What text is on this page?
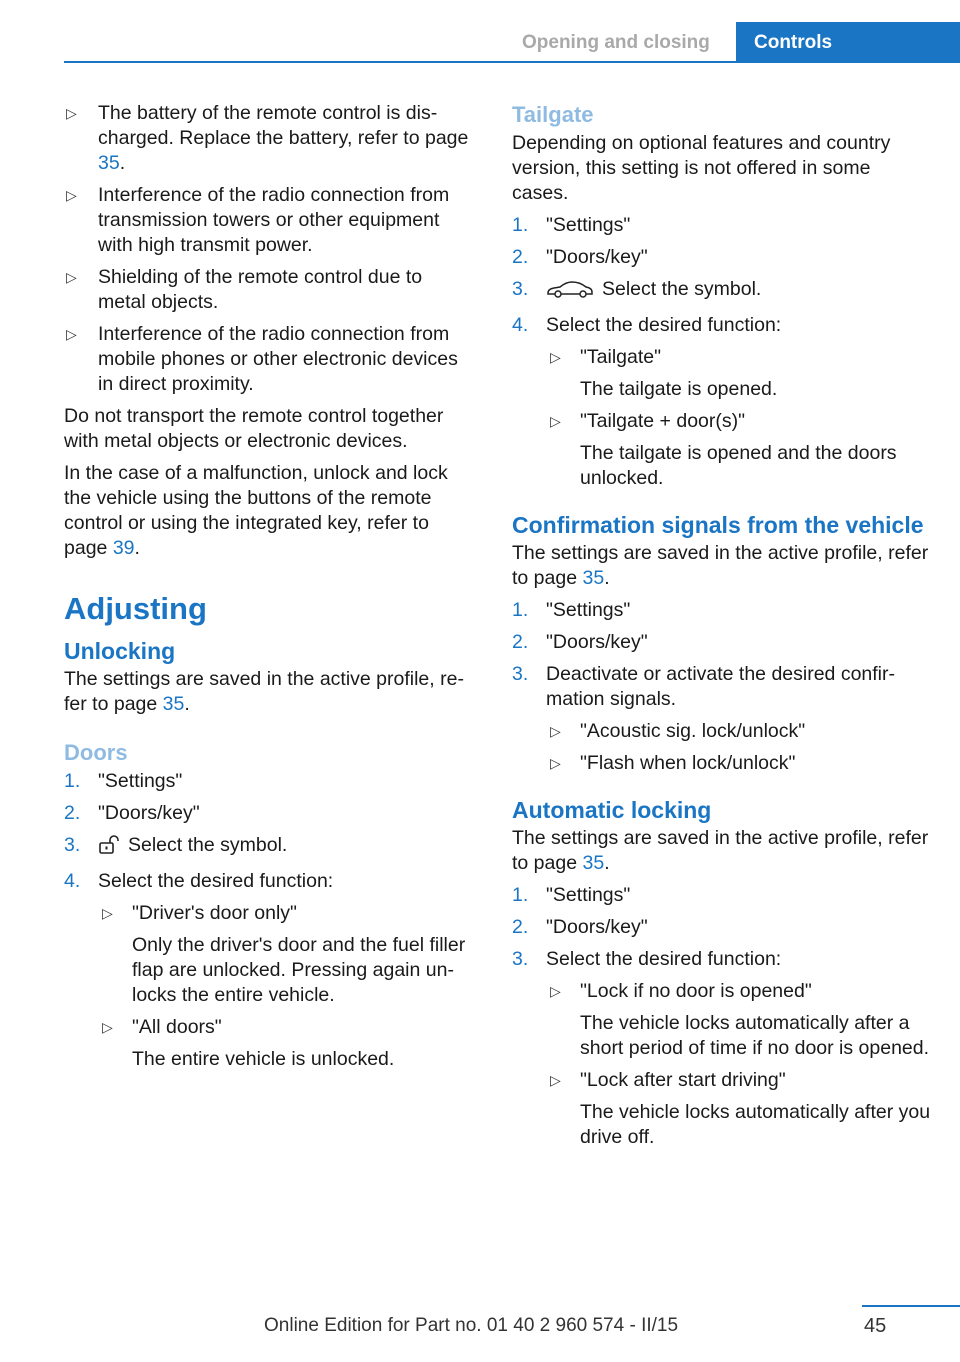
Opening and closing	Controls
▷ The battery of the remote control is discharged. Replace the battery, refer to page 35.
▷ Interference of the radio connection from transmission towers or other equipment with high transmit power.
▷ Shielding of the remote control due to metal objects.
▷ Interference of the radio connection from mobile phones or other electronic devices in direct proximity.

Do not transport the remote control together with metal objects or electronic devices.

In the case of a malfunction, unlock and lock the vehicle using the buttons of the remote control or using the integrated key, refer to page 39.

Adjusting
Unlocking

The settings are saved in the active profile, refer to page 35.

Doors
1. "Settings"
2. "Doors/key"
3. Select the symbol.
4. Select the desired function:
▷ "Driver's door only"
Only the driver's door and the fuel filler flap are unlocked. Pressing again unlocks the entire vehicle.
▷ "All doors"
The entire vehicle is unlocked.
Tailgate

Depending on optional features and country version, this setting is not offered in some cases.

1. "Settings"
2. "Doors/key"
3.	Select the symbol.
4. Select the desired function:
▷ "Tailgate"
The tailgate is opened.
▷ "Tailgate + door(s)"
The tailgate is opened and the doors unlocked.
Confirmation signals from the vehicle

The settings are saved in the active profile, refer to page 35.

1. "Settings"
2. "Doors/key"
3. Deactivate or activate the desired confirmation signals.
▷ "Acoustic sig. lock/unlock"
▷ "Flash when lock/unlock"
Automatic locking

The settings are saved in the active profile, refer to page 35.

1. "Settings"
2. "Doors/key"
3. Select the desired function:
▷ "Lock if no door is opened"
The vehicle locks automatically after a short period of time if no door is opened.
▷ "Lock after start driving"
The vehicle locks automatically after you drive off.
Online Edition for Part no. 01 40 2 960 574 - II/15	45
